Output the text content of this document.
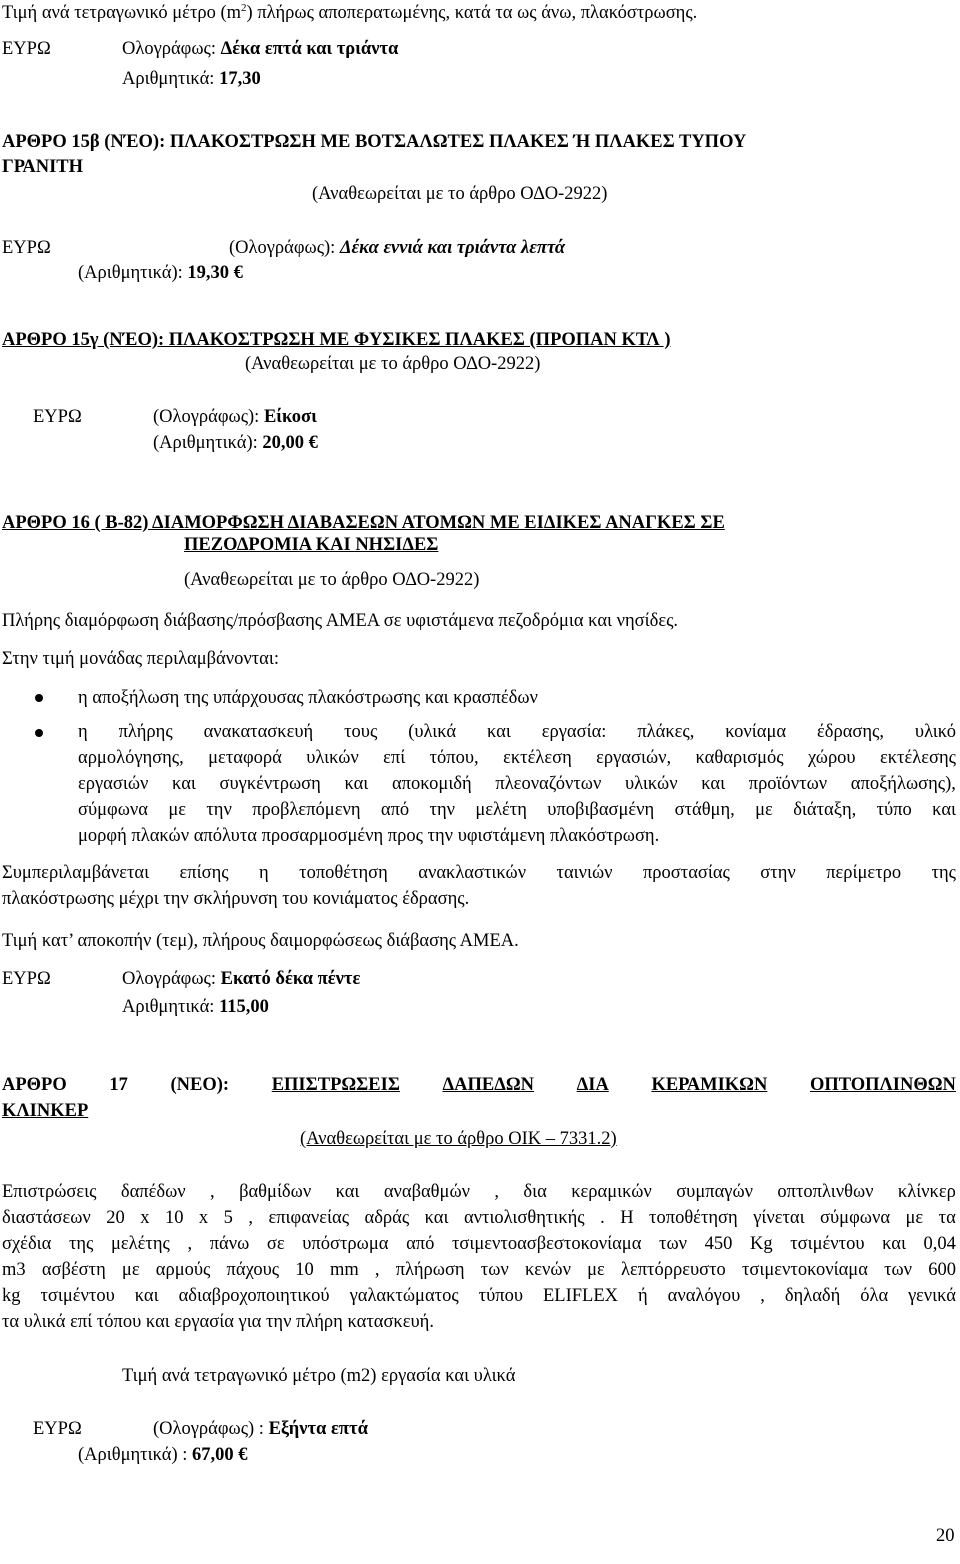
Τιμή ανά τετραγωνικό μέτρο $(m^2)$ πλήρως αποπερατωμένης, κατά τα ως άνω, πλακόστρωσης.
ΕΥΡΩ	Ολογράφως: Δέκα επτά και τριάντα
Αριθμητικά: 17,30
ΑΡΘΡΟ 15β (ΝΈΟ): ΠΛΑΚΟΣΤΡΩΣΗ ΜΕ ΒΟΤΣΑΛΩΤΕΣ ΠΛΑΚΕΣ Ή ΠΛΑΚΕΣ ΤΥΠΟΥ
ΓΡΑΝΙΤΗ
(Αναθεωρείται με το άρθρο ΟΔΟ-2922)
ΕΥΡΩ	(Ολογράφως): Δέκα εννιά και τριάντα λεπτά
(Αριθμητικά): 19,30 €
ΑΡΘΡΟ 15γ (ΝΈΟ): ΠΛΑΚΟΣΤΡΩΣΗ ΜΕ ΦΥΣΙΚΕΣ ΠΛΑΚΕΣ (ΠΡΟΠΑΝ ΚΤΛ )
(Αναθεωρείται με το άρθρο ΟΔΟ-2922)
ΕΥΡΩ	(Ολογράφως): Είκοσι
(Αριθμητικά): 20,00 €
ΑΡΘΡΟ 16 ( Β-82) ΔΙΑΜΟΡΦΩΣΗ ΔΙΑΒΑΣΕΩΝ ΑΤΟΜΩΝ ΜΕ ΕΙΔΙΚΕΣ ΑΝΑΓΚΕΣ ΣΕ
ΠΕΖΟΔΡΟΜΙΑ ΚΑΙ ΝΗΣΙΔΕΣ
(Αναθεωρείται με το άρθρο ΟΔΟ-2922)
Πλήρης διαμόρφωση διάβασης/πρόσβασης ΑΜΕΑ σε υφιστάμενα πεζοδρόμια και νησίδες.
Στην τιμή μονάδας περιλαμβάνονται:
η αποξήλωση της υπάρχουσας πλακόστρωσης και κρασπέδων
η πλήρης ανακατασκευή τους (υλικά και εργασία: πλάκες, κονίαμα έδρασης, υλικό
αρμολόγησης, μεταφορά υλικών επί τόπου, εκτέλεση εργασιών, καθαρισμός χώρου εκτέλεσης
εργασιών και συγκέντρωση και αποκομιδή πλεοναζόντων υλικών και προϊόντων αποξήλωσης),
σύμφωνα με την προβλεπόμενη από την μελέτη υποβιβασμένη στάθμη, με διάταξη, τύπο και
μορφή πλακών απόλυτα προσαρμοσμένη προς την υφιστάμενη πλακόστρωση.
Συμπεριλαμβάνεται επίσης η τοποθέτηση ανακλαστικών ταινιών προστασίας στην περίμετρο της
πλακόστρωσης μέχρι την σκλήρυνση του κονιάματος έδρασης.
Τιμή κατ’ αποκοπήν (τεμ), πλήρους δαιμορφώσεως διάβασης ΑΜΕΑ.
ΕΥΡΩ	Ολογράφως: Εκατό δέκα πέντε
Αριθμητικά: 115,00
ΑΡΘΡΟ 17 (ΝΕΟ): ΕΠΙΣΤΡΩΣΕΙΣ ΔΑΠΕΔΩΝ ΔΙΑ ΚΕΡΑΜΙΚΩΝ ΟΠΤΟΠΛΙΝΘΩΝ
ΚΛΙΝΚΕΡ
(Αναθεωρείται με το άρθρο ΟΙΚ – 7331.2)
Επιστρώσεις δαπέδων , βαθμίδων και αναβαθμών , δια κεραμικών συμπαγών οπτοπλινθων κλίνκερ
διαστάσεων 20 x 10 x 5 , επιφανείας αδράς και αντιολισθητικής . Η τοποθέτηση γίνεται σύμφωνα με τα
σχέδια της μελέτης , πάνω σε υπόστρωμα από τσιμεντοασβεστοκονίαμα των 450 Kg τσιμέντου και 0,04
m3 ασβέστη με αρμούς πάχους 10 mm , πλήρωση των κενών με λεπτόρρευστο τσιμεντοκονίαμα των 600
kg τσιμέντου και αδιαβροχοποιητικού γαλακτώματος τύπου ELIFLEX ή αναλόγου , δηλαδή όλα γενικά
τα υλικά επί τόπου και εργασία για την πλήρη κατασκευή.
Τιμή ανά τετραγωνικό μέτρο (m2) εργασία και υλικά
ΕΥΡΩ	(Ολογράφως) : Εξήντα επτά
(Αριθμητικά) : 67,00 €
20
